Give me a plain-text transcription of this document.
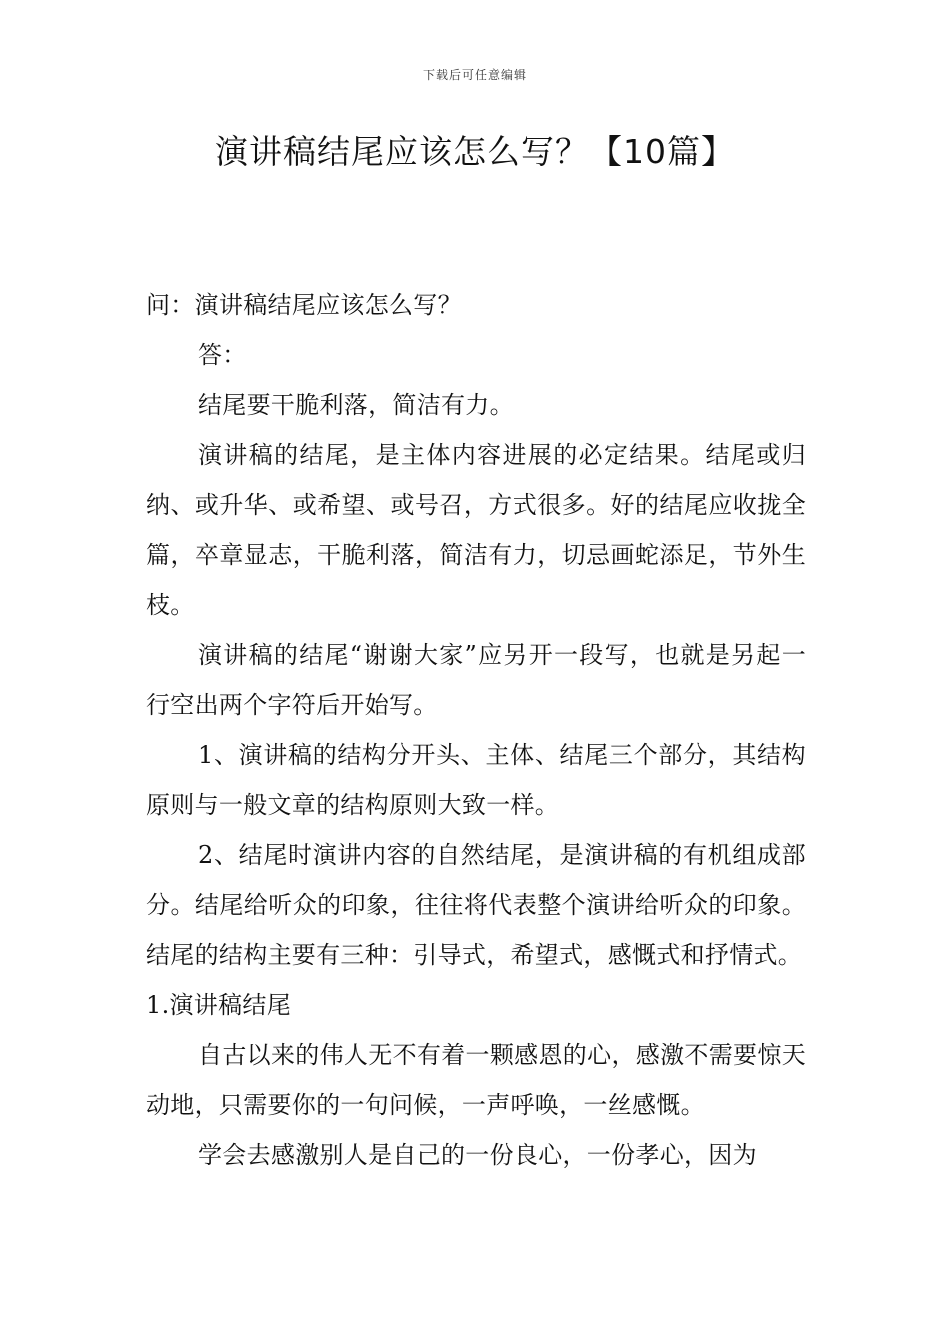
下载后可任意编辑
演讲稿结尾应该怎么写？【10篇】

问：演讲稿结尾应该怎么写？

答：

结尾要干脆利落，简洁有力。

演讲稿的结尾，是主体内容进展的必定结果。结尾或归纳、或升华、或希望、或号召，方式很多。好的结尾应收拢全篇，卒章显志，干脆利落，简洁有力，切忌画蛇添足，节外生枝。

演讲稿的结尾“谢谢大家”应另开一段写，也就是另起一行空出两个字符后开始写。

1、演讲稿的结构分开头、主体、结尾三个部分，其结构原则与一般文章的结构原则大致一样。

2、结尾时演讲内容的自然结尾，是演讲稿的有机组成部分。结尾给听众的印象，往往将代表整个演讲给听众的印象。结尾的结构主要有三种：引导式，希望式，感慨式和抒情式。

1.演讲稿结尾

自古以来的伟人无不有着一颗感恩的心，感激不需要惊天动地，只需要你的一句问候，一声呼唤，一丝感慨。

学会去感激别人是自己的一份良心，一份孝心，因为
